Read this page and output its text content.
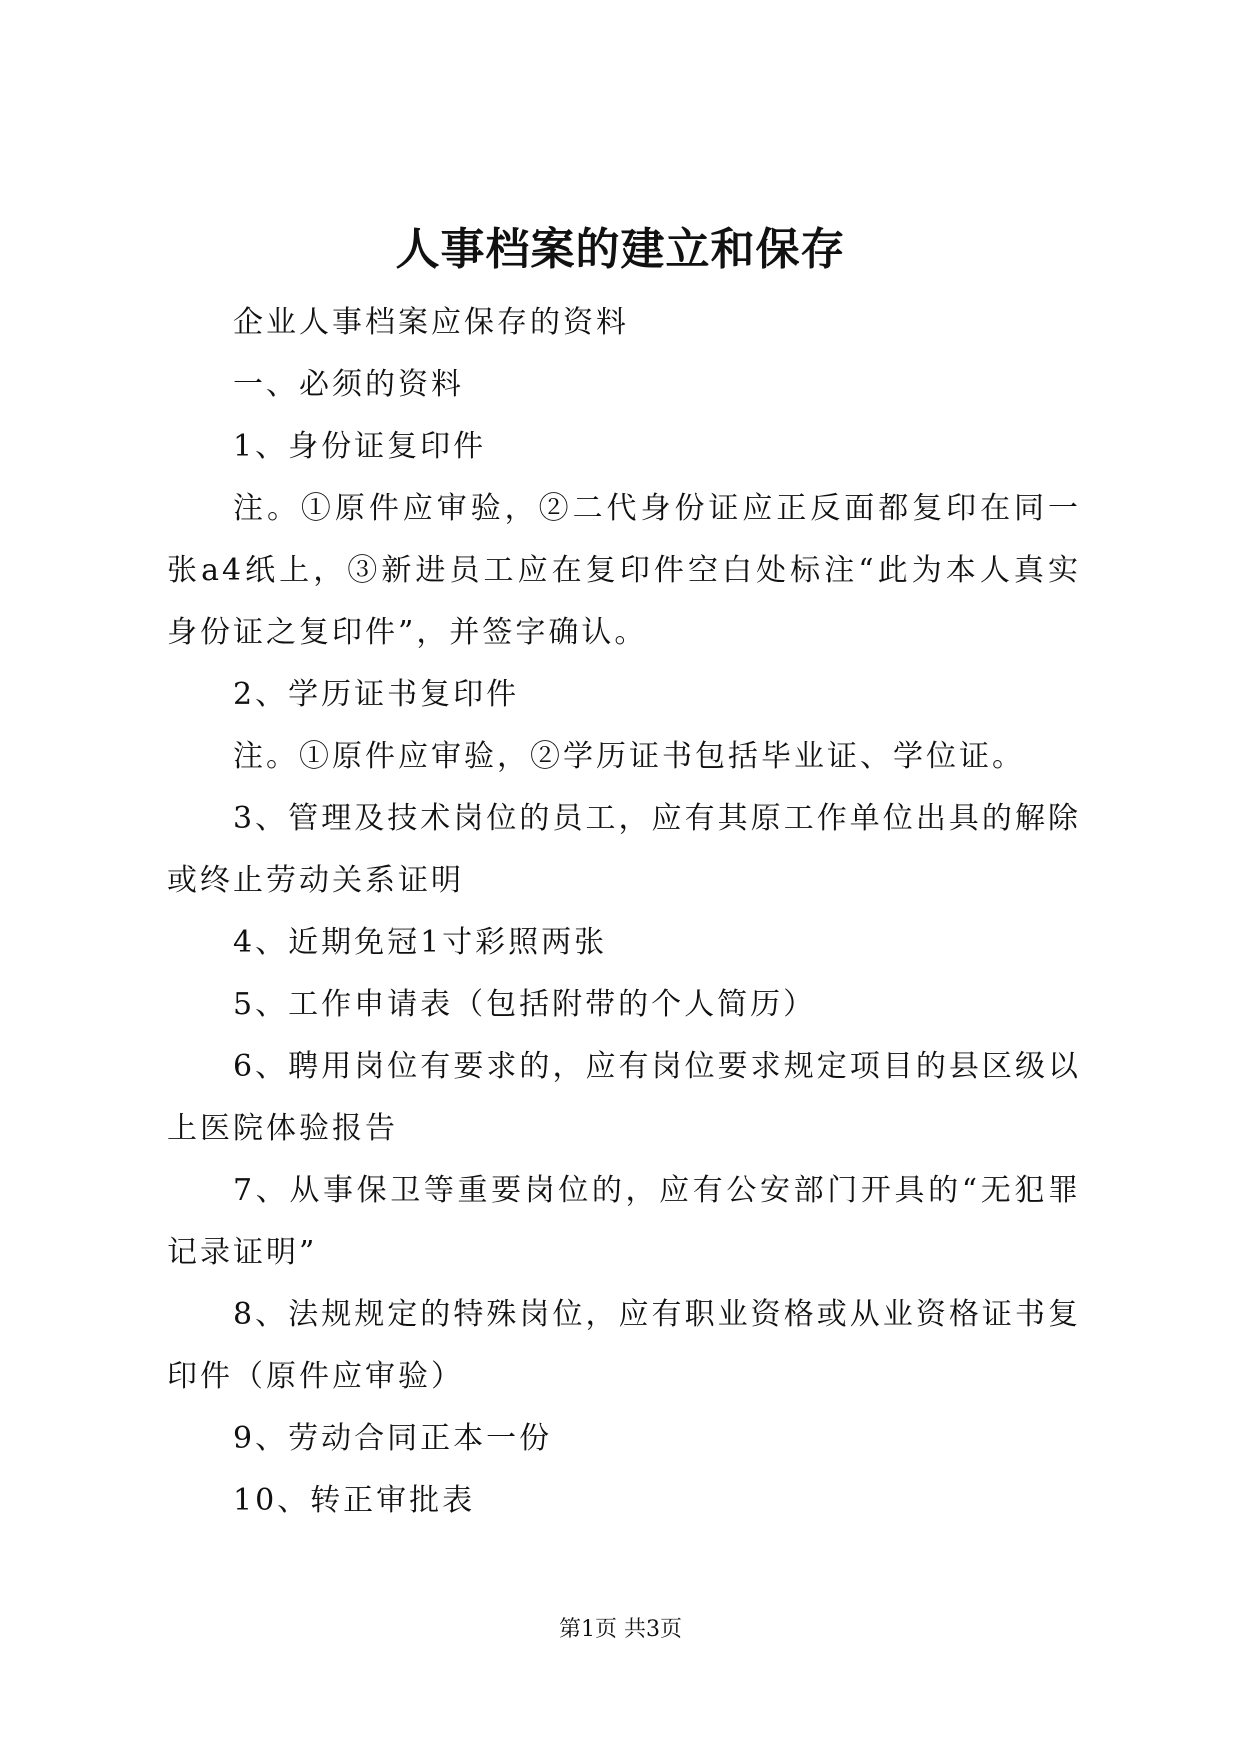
人事档案的建立和保存

企业人事档案应保存的资料

一、必须的资料

1、身份证复印件

注。①原件应审验，②二代身份证应正反面都复印在同一张a4纸上，③新进员工应在复印件空白处标注“此为本人真实身份证之复印件”，并签字确认。

2、学历证书复印件

注。①原件应审验，②学历证书包括毕业证、学位证。

3、管理及技术岗位的员工，应有其原工作单位出具的解除或终止劳动关系证明

4、近期免冠1寸彩照两张

5、工作申请表（包括附带的个人简历）

6、聘用岗位有要求的，应有岗位要求规定项目的县区级以上医院体验报告

7、从事保卫等重要岗位的，应有公安部门开具的“无犯罪记录证明”

8、法规规定的特殊岗位，应有职业资格或从业资格证书复印件（原件应审验）

9、劳动合同正本一份

10、转正审批表

第1页 共3页
